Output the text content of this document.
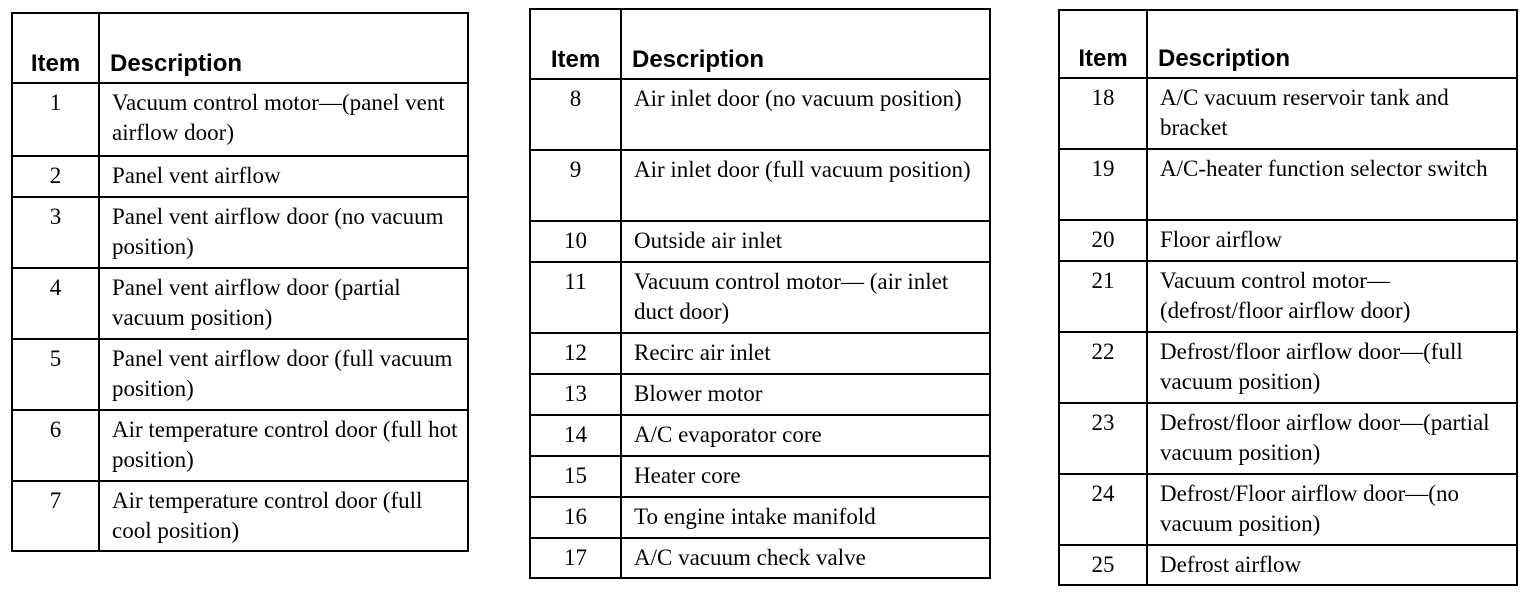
Item	Description
1	Vacuum control motor—(panel vent airflow door)
2	Panel vent airflow
3	Panel vent airflow door (no vacuum position)
4	Panel vent airflow door (partial vacuum position)
5	Panel vent airflow door (full vacuum position)
6	Air temperature control door (full hot position)
7	Air temperature control door (full cool position)
Item	Description
8	Air inlet door (no vacuum position)
9	Air inlet door (full vacuum position)
10	Outside air inlet
11	Vacuum control motor— (air inlet duct door)
12	Recirc air inlet
13	Blower motor
14	A/C evaporator core
15	Heater core
16	To engine intake manifold
17	A/C vacuum check valve
Item	Description
18	A/C vacuum reservoir tank and bracket
19	A/C-heater function selector switch
20	Floor airflow
21	Vacuum control motor—(defrost/floor airflow door)
22	Defrost/floor airflow door—(full vacuum position)
23	Defrost/floor airflow door—(partial vacuum position)
24	Defrost/Floor airflow door—(no vacuum position)
25	Defrost airflow
